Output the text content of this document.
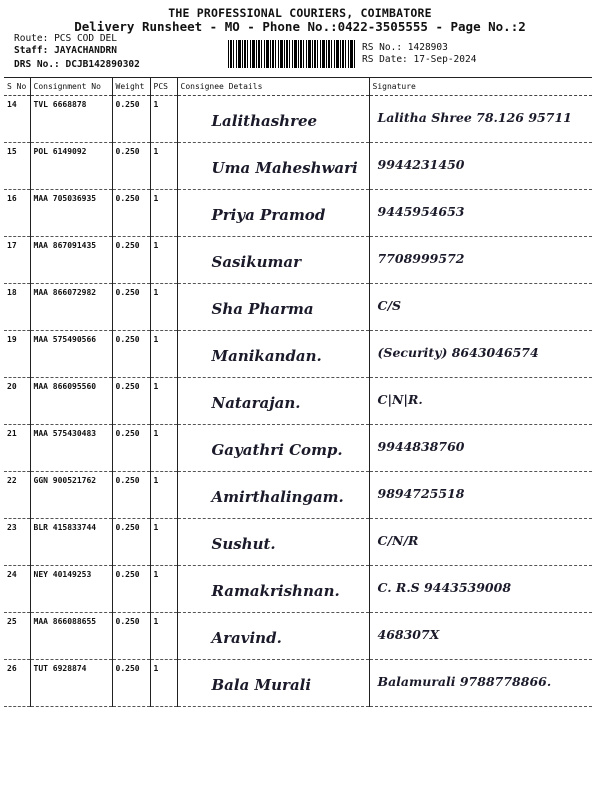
THE PROFESSIONAL COURIERS, COIMBATORE
Delivery Runsheet - MO - Phone No.:0422-3505555 - Page No.:2
Route: PCS COD DEL
Staff: JAYACHANDRN
DRS No.: DCJB142890302
RS No.: 1428903
RS Date: 17-Sep-2024
S No	Consignment No	Weight	PCS	Consignee Details	Signature
14	TVL 6668878	0.250	1	Lalithashree	Lalitha Shree 78.126 95711

15	POL 6149092	0.250	1	Uma Maheshwari	9944231450

16	MAA 705036935	0.250	1	Priya Pramod	9445954653

17	MAA 867091435	0.250	1	Sasikumar	7708999572

18	MAA 866072982	0.250	1	Sha Pharma	C/S

19	MAA 575490566	0.250	1	Manikandan.	(Security) 8643046574

20	MAA 866095560	0.250	1	Natarajan.	C|N|R.

21	MAA 575430483	0.250	1	Gayathri Comp.	9944838760

22	GGN 900521762	0.250	1	Amirthalingam.	9894725518

23	BLR 415833744	0.250	1	Sushut.	C/N/R

24	NEY 40149253	0.250	1	Ramakrishnan.	C. R.S 9443539008

25	MAA 866088655	0.250	1	Aravind.	468307X

26	TUT 6928874	0.250	1	Bala Murali	Balamurali 9788778866.
